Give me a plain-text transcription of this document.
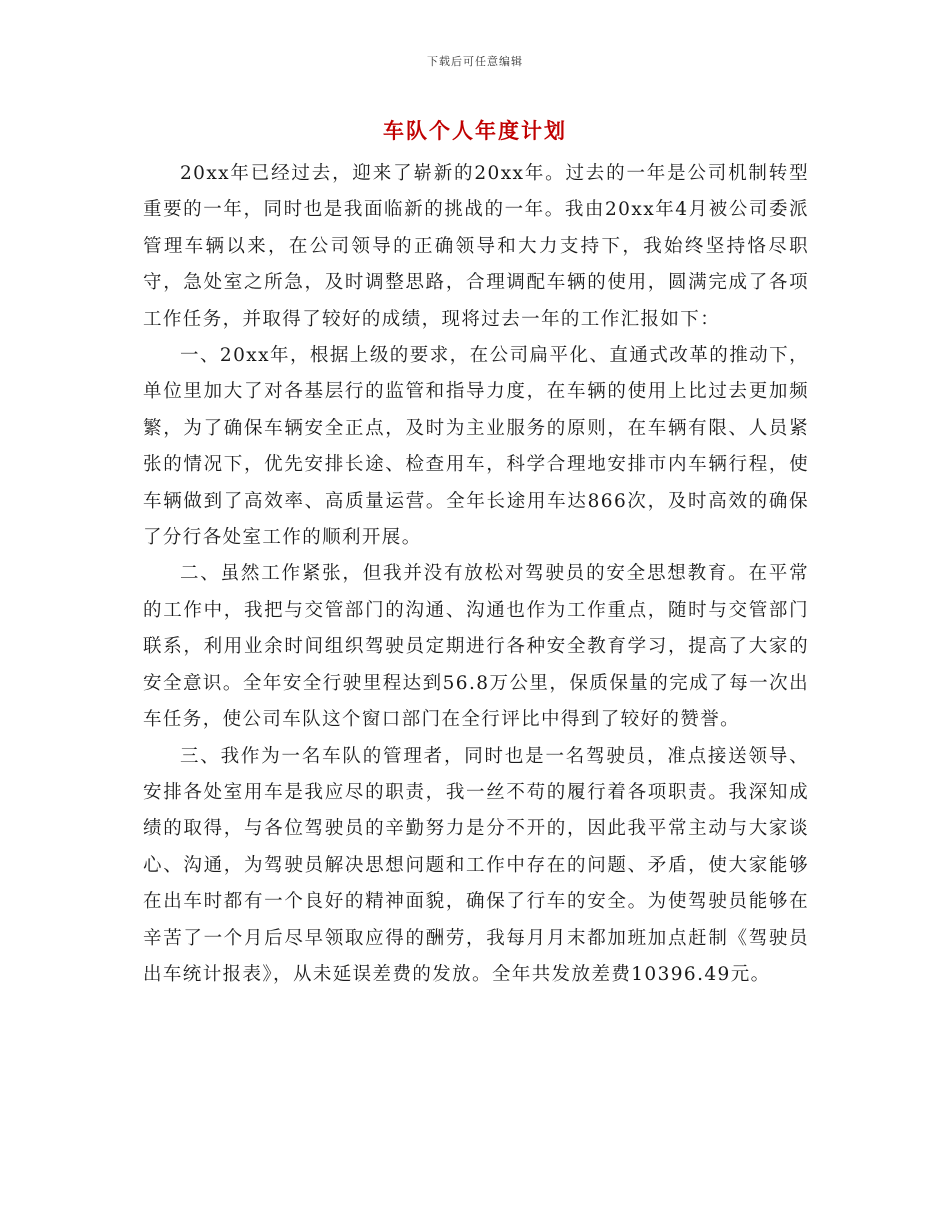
下载后可任意编辑
车队个人年度计划

20xx年已经过去，迎来了崭新的20xx年。过去的一年是公司机制转型重要的一年，同时也是我面临新的挑战的一年。我由20xx年4月被公司委派管理车辆以来，在公司领导的正确领导和大力支持下，我始终坚持恪尽职守，急处室之所急，及时调整思路，合理调配车辆的使用，圆满完成了各项工作任务，并取得了较好的成绩，现将过去一年的工作汇报如下：

一、20xx年，根据上级的要求，在公司扁平化、直通式改革的推动下，单位里加大了对各基层行的监管和指导力度，在车辆的使用上比过去更加频繁，为了确保车辆安全正点，及时为主业服务的原则，在车辆有限、人员紧张的情况下，优先安排长途、检查用车，科学合理地安排市内车辆行程，使车辆做到了高效率、高质量运营。全年长途用车达866次，及时高效的确保了分行各处室工作的顺利开展。

二、虽然工作紧张，但我并没有放松对驾驶员的安全思想教育。在平常的工作中，我把与交管部门的沟通、沟通也作为工作重点，随时与交管部门联系，利用业余时间组织驾驶员定期进行各种安全教育学习，提高了大家的安全意识。全年安全行驶里程达到56.8万公里，保质保量的完成了每一次出车任务，使公司车队这个窗口部门在全行评比中得到了较好的赞誉。

三、我作为一名车队的管理者，同时也是一名驾驶员，准点接送领导、安排各处室用车是我应尽的职责，我一丝不苟的履行着各项职责。我深知成绩的取得，与各位驾驶员的辛勤努力是分不开的，因此我平常主动与大家谈心、沟通，为驾驶员解决思想问题和工作中存在的问题、矛盾，使大家能够在出车时都有一个良好的精神面貌，确保了行车的安全。为使驾驶员能够在辛苦了一个月后尽早领取应得的酬劳，我每月月末都加班加点赶制《驾驶员出车统计报表》，从未延误差费的发放。全年共发放差费10396.49元。
